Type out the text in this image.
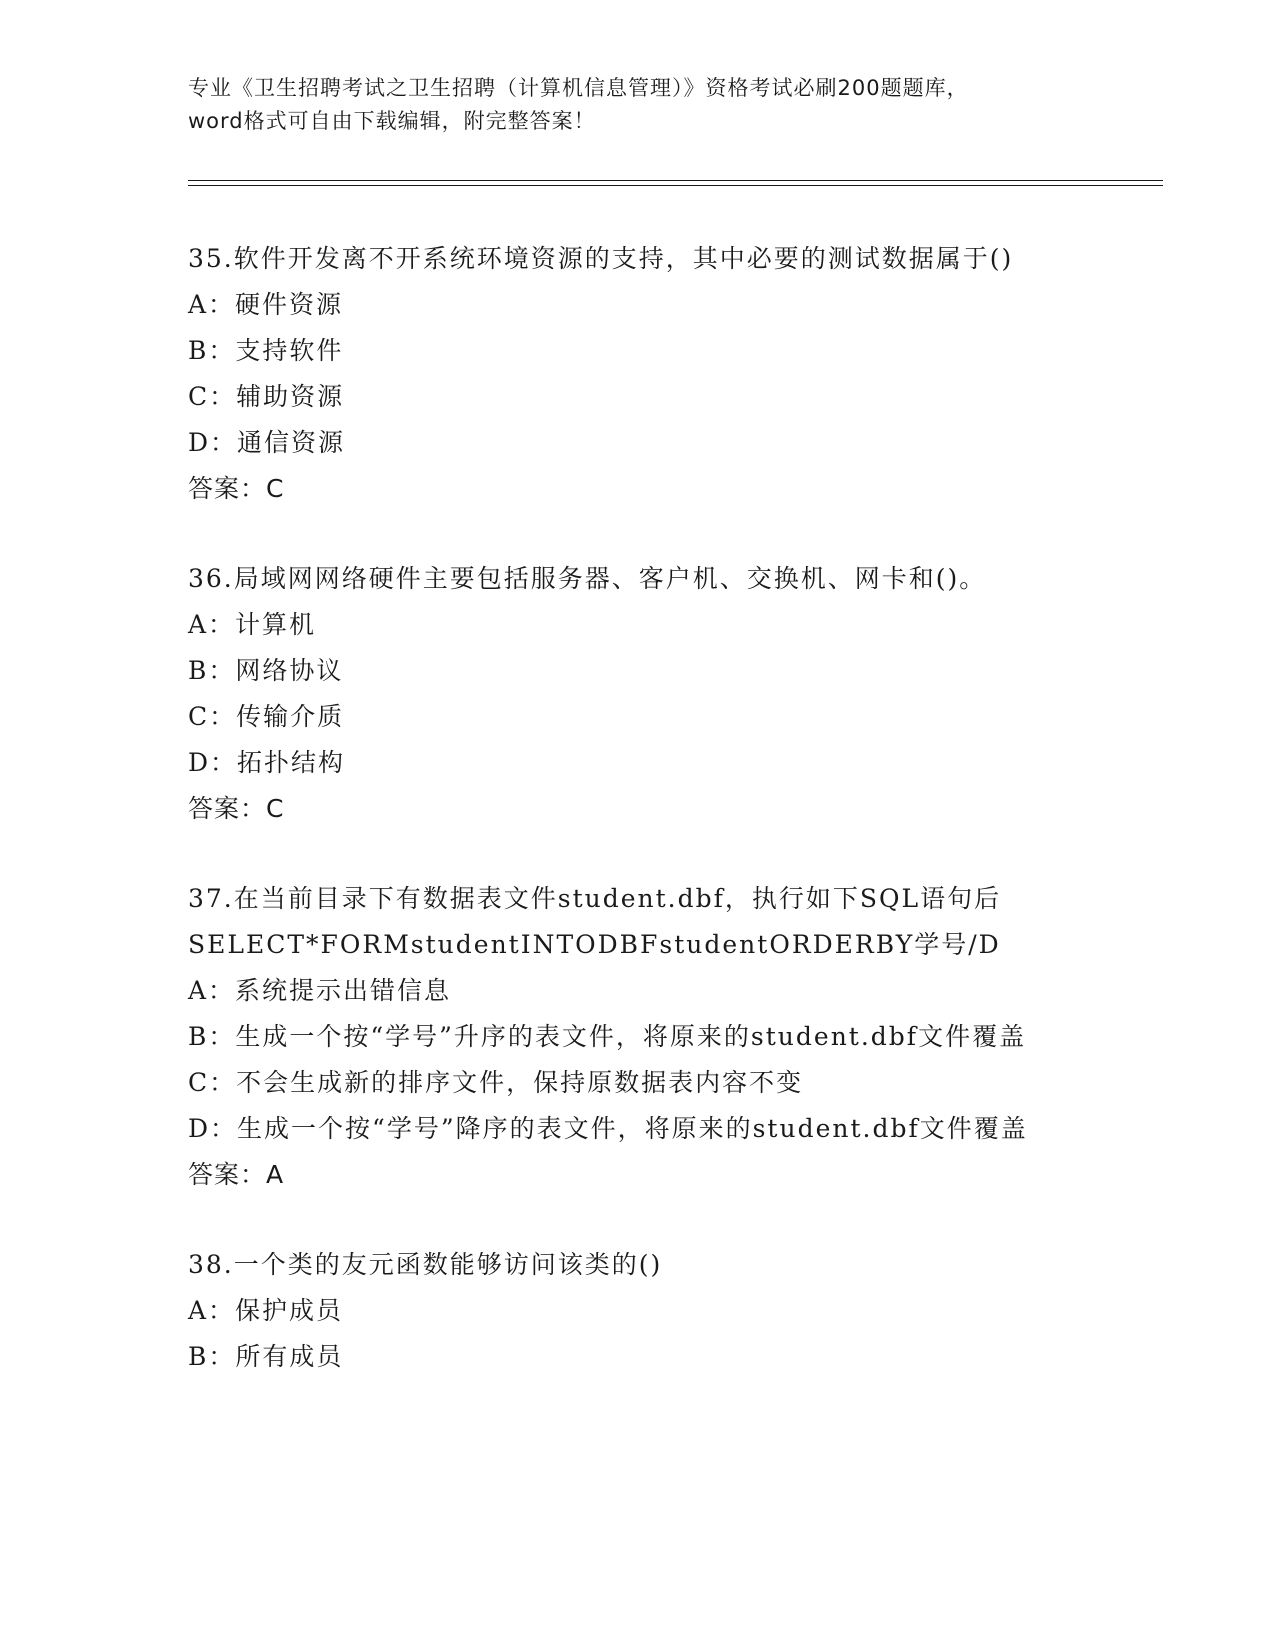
专业《卫生招聘考试之卫生招聘（计算机信息管理）》资格考试必刷200题题库，
word格式可自由下载编辑，附完整答案！
35.软件开发离不开系统环境资源的支持，其中必要的测试数据属于()
A：硬件资源
B：支持软件
C：辅助资源
D：通信资源
答案：C
36.局域网网络硬件主要包括服务器、客户机、交换机、网卡和()。
A：计算机
B：网络协议
C：传输介质
D：拓扑结构
答案：C
37.在当前目录下有数据表文件student.dbf，执行如下SQL语句后
SELECT*FORMstudentINTODBFstudentORDERBY学号/D
A：系统提示出错信息
B：生成一个按“学号”升序的表文件，将原来的student.dbf文件覆盖
C：不会生成新的排序文件，保持原数据表内容不变
D：生成一个按“学号”降序的表文件，将原来的student.dbf文件覆盖
答案：A
38.一个类的友元函数能够访问该类的()
A：保护成员
B：所有成员
